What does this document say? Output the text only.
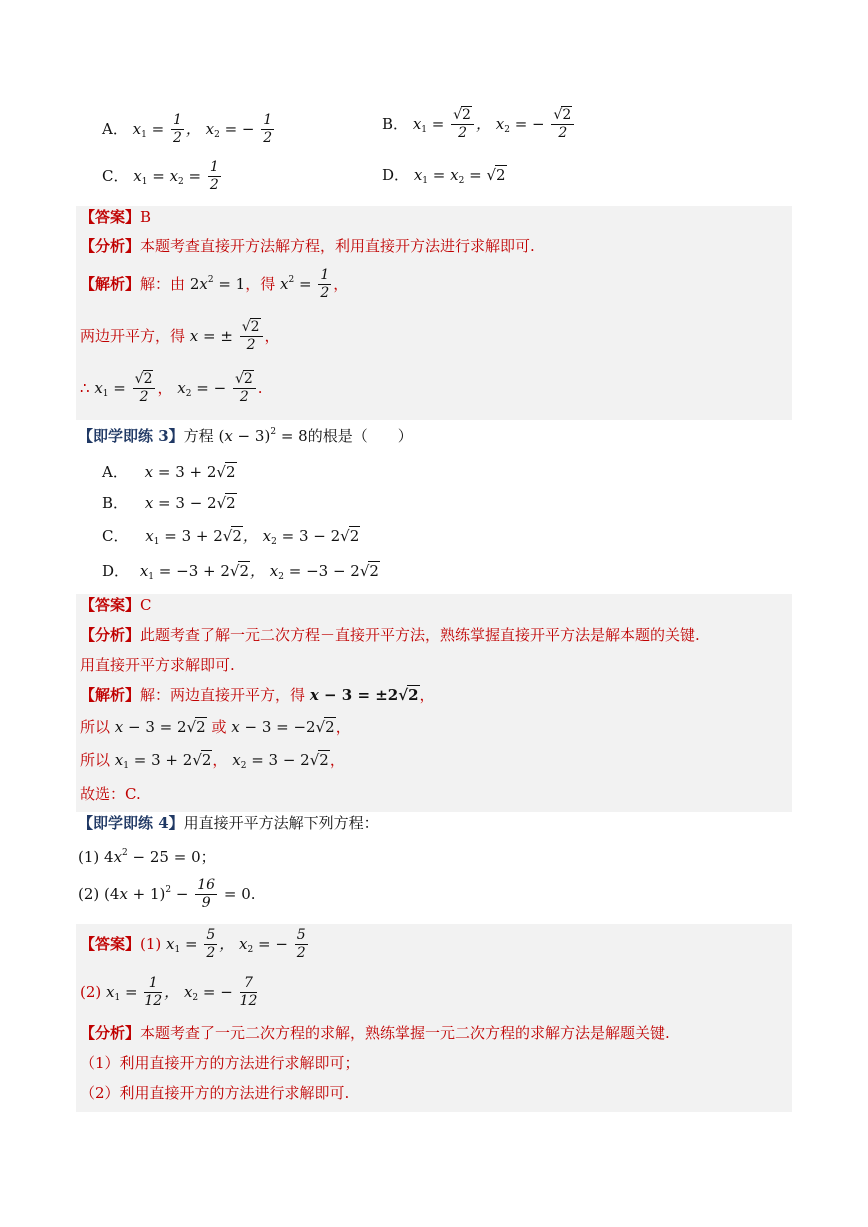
A． $x_1 = \frac{1}{2}$ ， $x_2$ = − $\frac{1}{2}$	B． $x_1 = \frac{√2}{2}$ ， $x_2$ = − $\frac{√2}{2}$
C． $x_1 = x_2 = \frac{1}{2}$	D． $x_1 = x_2 = √2$
【答案】B
【分析】本题考查直接开方法解方程，利用直接开方法进行求解即可.
【解析】解：由 $2x^2 = 1$，得 $x^2 = \frac{1}{2}$ ，
两边开平方，得 x = ± $\frac{√2}{2}$ ，
∴ $x_1 = \frac{√2}{2}$ ， $x_2$ = − $\frac{√2}{2}$ .
【即学即练 3】方程 $(x - 3)^2 = 8$的根是（　　）
A． x = 3 + 2√2
B． x = 3 − 2√2
C． $x_1 = 3 + 2√2$， $x_2 = 3 - 2√2$
D． $x_1 = -3 + 2√2$， $x_2 = -3 - 2√2$
【答案】C
【分析】此题考查了解一元二次方程－直接开平方法，熟练掌握直接开平方法是解本题的关键.
用直接开平方求解即可.
【解析】解：两边直接开平方，得 x − 3 = ±2√2，
所以 x − 3 = 2√2 或 x − 3 = −2√2，
所以 $x_1 = 3 + 2√2$， $x_2 = 3 - 2√2$，
故选：C.
【即学即练 4】用直接开平方法解下列方程：
(1) $4x^2 - 25 = 0$；
(2) $(4x + 1)^2 - \frac{16}{9} = 0$.
【答案】(1) $x_1 = \frac{5}{2}$ ， $x_2$ = − $\frac{5}{2}$
(2) $x_1 = \frac{1}{12}$ ， $x_2$ = − $\frac{7}{12}$
【分析】本题考查了一元二次方程的求解，熟练掌握一元二次方程的求解方法是解题关键.
（1）利用直接开方的方法进行求解即可；
（2）利用直接开方的方法进行求解即可.
